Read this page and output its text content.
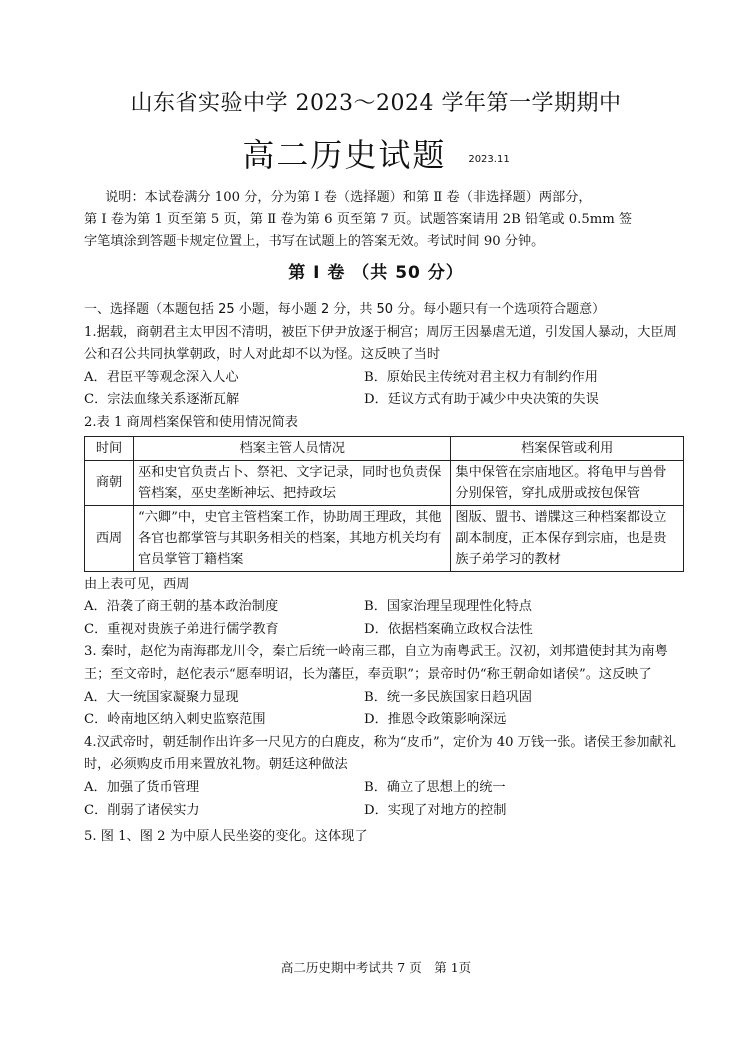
山东省实验中学 2023～2024 学年第一学期期中
高二历史试题 $^{2023.11}$

说明：本试卷满分 100 分，分为第 Ⅰ 卷（选择题）和第 Ⅱ 卷（非选择题）两部分，

第 Ⅰ 卷为第 1 页至第 5 页，第 Ⅱ 卷为第 6 页至第 7 页。试题答案请用 2B 铅笔或 0.5mm 签

字笔填涂到答题卡规定位置上，书写在试题上的答案无效。考试时间 90 分钟。

第 Ⅰ 卷 （共 50 分）

一、选择题（本题包括 25 小题，每小题 2 分，共 50 分。每小题只有一个选项符合题意）

1.据载，商朝君主太甲因不清明，被臣下伊尹放逐于桐宫；周厉王因暴虐无道，引发国人暴动，大臣周公和召公共同执掌朝政，时人对此却不以为怪。这反映了当时

A．君臣平等观念深入人心	B．原始民主传统对君主权力有制约作用
C．宗法血缘关系逐渐瓦解	D．廷议方式有助于减少中央决策的失误

2.表 1 商周档案保管和使用情况简表

时间	档案主管人员情况	档案保管或利用
商朝	巫和史官负责占卜、祭祀、文字记录，同时也负责保管档案，巫史垄断神坛、把持政坛	集中保管在宗庙地区。将龟甲与兽骨分别保管，穿扎成册或按包保管
西周	“六卿”中，史官主管档案工作，协助周王理政，其他各官也都掌管与其职务相关的档案，其地方机关均有官员掌管丁籍档案	图版、盟书、谱牒这三种档案都设立副本制度，正本保存到宗庙，也是贵族子弟学习的教材

由上表可见，西周

A．沿袭了商王朝的基本政治制度	B．国家治理呈现理性化特点
C．重视对贵族子弟进行儒学教育	D．依据档案确立政权合法性

3. 秦时，赵佗为南海郡龙川令，秦亡后统一岭南三郡，自立为南粤武王。汉初，刘邦遣使封其为南粤王；至文帝时，赵佗表示“愿奉明诏，长为藩臣，奉贡职”；景帝时仍“称王朝命如诸侯”。这反映了

A．大一统国家凝聚力显现	B．统一多民族国家日趋巩固
C．岭南地区纳入刺史监察范围	D．推恩令政策影响深远

4.汉武帝时，朝廷制作出许多一尺见方的白鹿皮，称为“皮币”，定价为 40 万钱一张。诸侯王参加献礼时，必须购皮币用来置放礼物。朝廷这种做法

A．加强了货币管理	B．确立了思想上的统一
C．削弱了诸侯实力	D．实现了对地方的控制

5. 图 1、图 2 为中原人民坐姿的变化。这体现了

高二历史期中考试共 7 页　第 1页
